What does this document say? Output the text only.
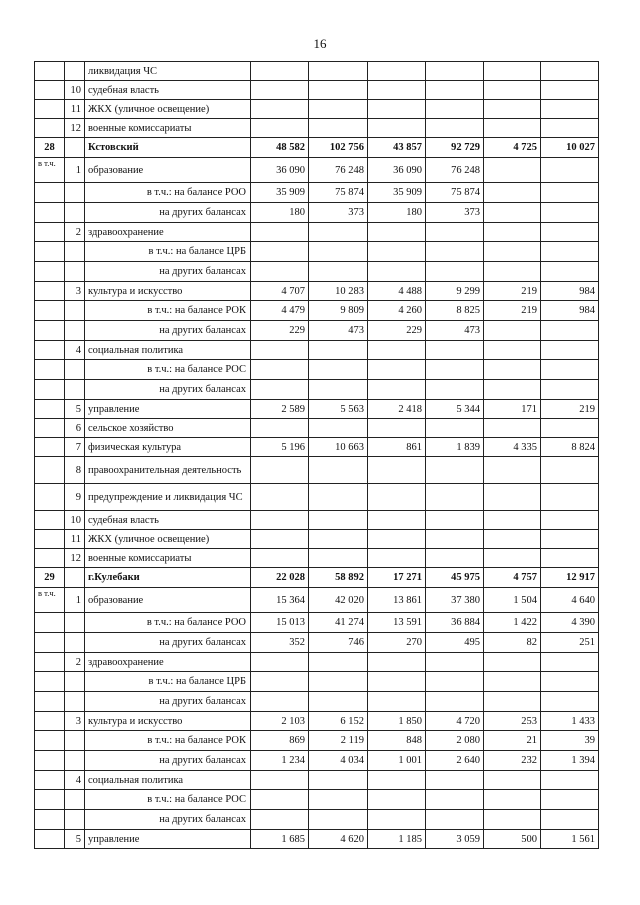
16
		ликвидация ЧС						
	10	судебная власть						
	11	ЖКХ (уличное освещение)						
	12	военные комиссариаты						
28		Кстовский	48 582	102 756	43 857	92 729	4 725	10 027
в т.ч.	1	образование	36 090	76 248	36 090	76 248		
		в т.ч.: на балансе РОО	35 909	75 874	35 909	75 874		
		на других балансах	180	373	180	373		
	2	здравоохранение						
		в т.ч.: на балансе ЦРБ						
		на других балансах						
	3	культура и искусство	4 707	10 283	4 488	9 299	219	984
		в т.ч.: на балансе РОК	4 479	9 809	4 260	8 825	219	984
		на других балансах	229	473	229	473		
	4	социальная политика						
		в т.ч.: на балансе РОС						
		на других балансах						
	5	управление	2 589	5 563	2 418	5 344	171	219
	6	сельское хозяйство						
	7	физическая культура	5 196	10 663	861	1 839	4 335	8 824
	8	правоохранительная деятельность						
	9	предупреждение и ликвидация ЧС						
	10	судебная власть						
	11	ЖКХ (уличное освещение)						
	12	военные комиссариаты						
29		г.Кулебаки	22 028	58 892	17 271	45 975	4 757	12 917
в т.ч.	1	образование	15 364	42 020	13 861	37 380	1 504	4 640
		в т.ч.: на балансе РОО	15 013	41 274	13 591	36 884	1 422	4 390
		на других балансах	352	746	270	495	82	251
	2	здравоохранение						
		в т.ч.: на балансе ЦРБ						
		на других балансах						
	3	культура и искусство	2 103	6 152	1 850	4 720	253	1 433
		в т.ч.: на балансе РОК	869	2 119	848	2 080	21	39
		на других балансах	1 234	4 034	1 001	2 640	232	1 394
	4	социальная политика						
		в т.ч.: на балансе РОС						
		на других балансах						
	5	управление	1 685	4 620	1 185	3 059	500	1 561
